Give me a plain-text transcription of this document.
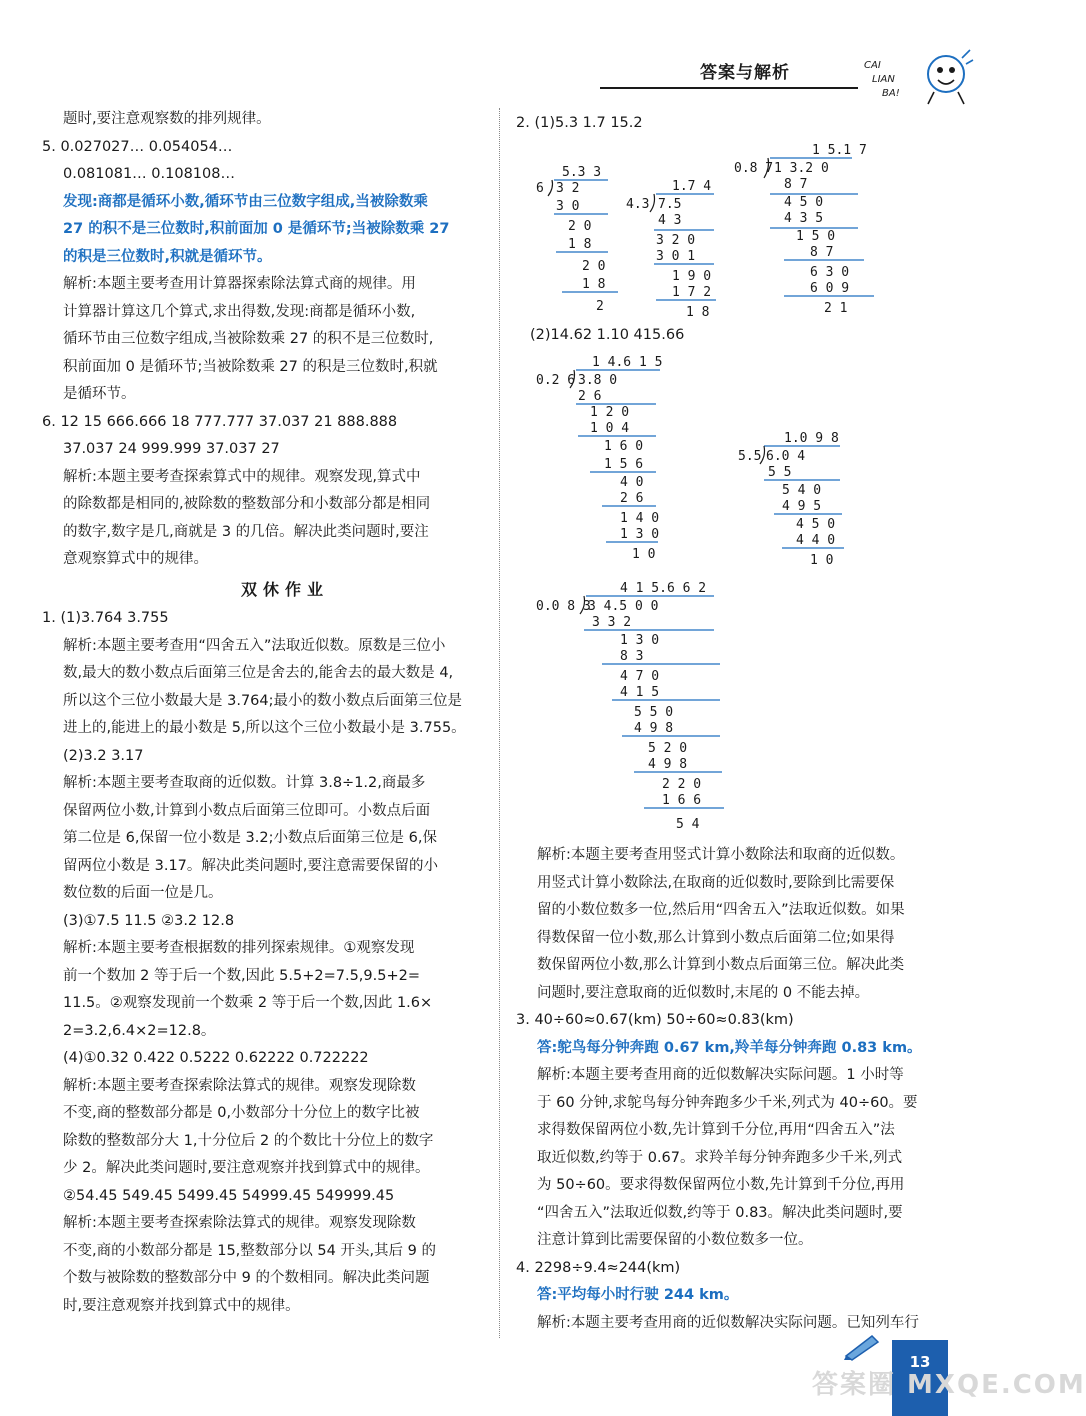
答案与解析	CAI
LIAN
BA!
题时,要注意观察数的排列规律。
5. 0.027027… 0.054054…
0.081081… 0.108108…
发现:商都是循环小数,循环节由三位数字组成,当被除数乘
27 的积不是三位数时,积前面加 0 是循环节;当被除数乘 27
的积是三位数时,积就是循环节。
解析:本题主要考查用计算器探索除法算式商的规律。用
计算器计算这几个算式,求出得数,发现:商都是循环小数,
循环节由三位数字组成,当被除数乘 27 的积不是三位数时,
积前面加 0 是循环节;当被除数乘 27 的积是三位数时,积就
是循环节。
6. 12 15 666.666 18 777.777 37.037 21 888.888
37.037 24 999.999 37.037 27
解析:本题主要考查探索算式中的规律。观察发现,算式中
的除数都是相同的,被除数的整数部分和小数部分都是相同
的数字,数字是几,商就是 3 的几倍。解决此类问题时,要注
意观察算式中的规律。
双休作业
1. (1)3.764 3.755
解析:本题主要考查用“四舍五入”法取近似数。原数是三位小
数,最大的数小数点后面第三位是舍去的,能舍去的最大数是 4,
所以这个三位小数最大是 3.764;最小的数小数点后面第三位是
进上的,能进上的最小数是 5,所以这个三位小数最小是 3.755。
(2)3.2 3.17
解析:本题主要考查取商的近似数。计算 3.8÷1.2,商最多
保留两位小数,计算到小数点后面第三位即可。小数点后面
第二位是 6,保留一位小数是 3.2;小数点后面第三位是 6,保
留两位小数是 3.17。解决此类问题时,要注意需要保留的小
数位数的后面一位是几。
(3)①7.5 11.5 ②3.2 12.8
解析:本题主要考查根据数的排列探索规律。①观察发现
前一个数加 2 等于后一个数,因此 5.5+2=7.5,9.5+2=
11.5。②观察发现前一个数乘 2 等于后一个数,因此 1.6×
2=3.2,6.4×2=12.8。
(4)①0.32 0.422 0.5222 0.62222 0.722222
解析:本题主要考查探索除法算式的规律。观察发现除数
不变,商的整数部分都是 0,小数部分十分位上的数字比被
除数的整数部分大 1,十分位后 2 的个数比十分位上的数字
少 2。解决此类问题时,要注意观察并找到算式中的规律。
②54.45 549.45 5499.45 54999.45 549999.45
解析:本题主要考查探索除法算式的规律。观察发现除数
不变,商的小数部分都是 15,整数部分以 54 开头,其后 9 的
个数与被除数的整数部分中 9 的个数相同。解决此类问题
时,要注意观察并找到算式中的规律。
2. (1)5.3 1.7 15.2
(2)14.62 1.10 415.66
5.3 3
6 3 2
3 0
2 0
1 8
2 0
1 8
2
1.7 4
4.3 7.5
4 3
3 2 0
3 0 1
1 9 0
1 7 2
1 8
1 5.1 7
0.8 7 1 3.2 0
8 7
4 5 0
4 3 5
1 5 0
8 7
6 3 0
6 0 9
2 1
1 4.6 1 5
0.2 6 3.8 0
2 6
1 2 0
1 0 4
1 6 0
1 5 6
4 0
2 6
1 4 0
1 3 0
1 0
1.0 9 8
5.5 6.0 4
5 5
5 4 0
4 9 5
4 5 0
4 4 0
1 0
4 1 5.6 6 2
0.0 8 3
3 4.5 0 0
3 3 2
1 3 0
8 3
4 7 0
4 1 5
5 5 0
4 9 8
5 2 0
4 9 8
2 2 0
1 6 6
5 4
解析:本题主要考查用竖式计算小数除法和取商的近似数。
用竖式计算小数除法,在取商的近似数时,要除到比需要保
留的小数位数多一位,然后用“四舍五入”法取近似数。如果
得数保留一位小数,那么计算到小数点后面第二位;如果得
数保留两位小数,那么计算到小数点后面第三位。解决此类
问题时,要注意取商的近似数时,末尾的 0 不能去掉。
3. 40÷60≈0.67(km) 50÷60≈0.83(km)
答:鸵鸟每分钟奔跑 0.67 km,羚羊每分钟奔跑 0.83 km。
解析:本题主要考查用商的近似数解决实际问题。1 小时等
于 60 分钟,求鸵鸟每分钟奔跑多少千米,列式为 40÷60。要
求得数保留两位小数,先计算到千分位,再用“四舍五入”法
取近似数,约等于 0.67。求羚羊每分钟奔跑多少千米,列式
为 50÷60。要求得数保留两位小数,先计算到千分位,再用
“四舍五入”法取近似数,约等于 0.83。解决此类问题时,要
注意计算到比需要保留的小数位数多一位。
4. 2298÷9.4≈244(km)
答:平均每小时行驶 244 km。
解析:本题主要考查用商的近似数解决实际问题。已知列车行
13
答案圈 MXQE.COM
